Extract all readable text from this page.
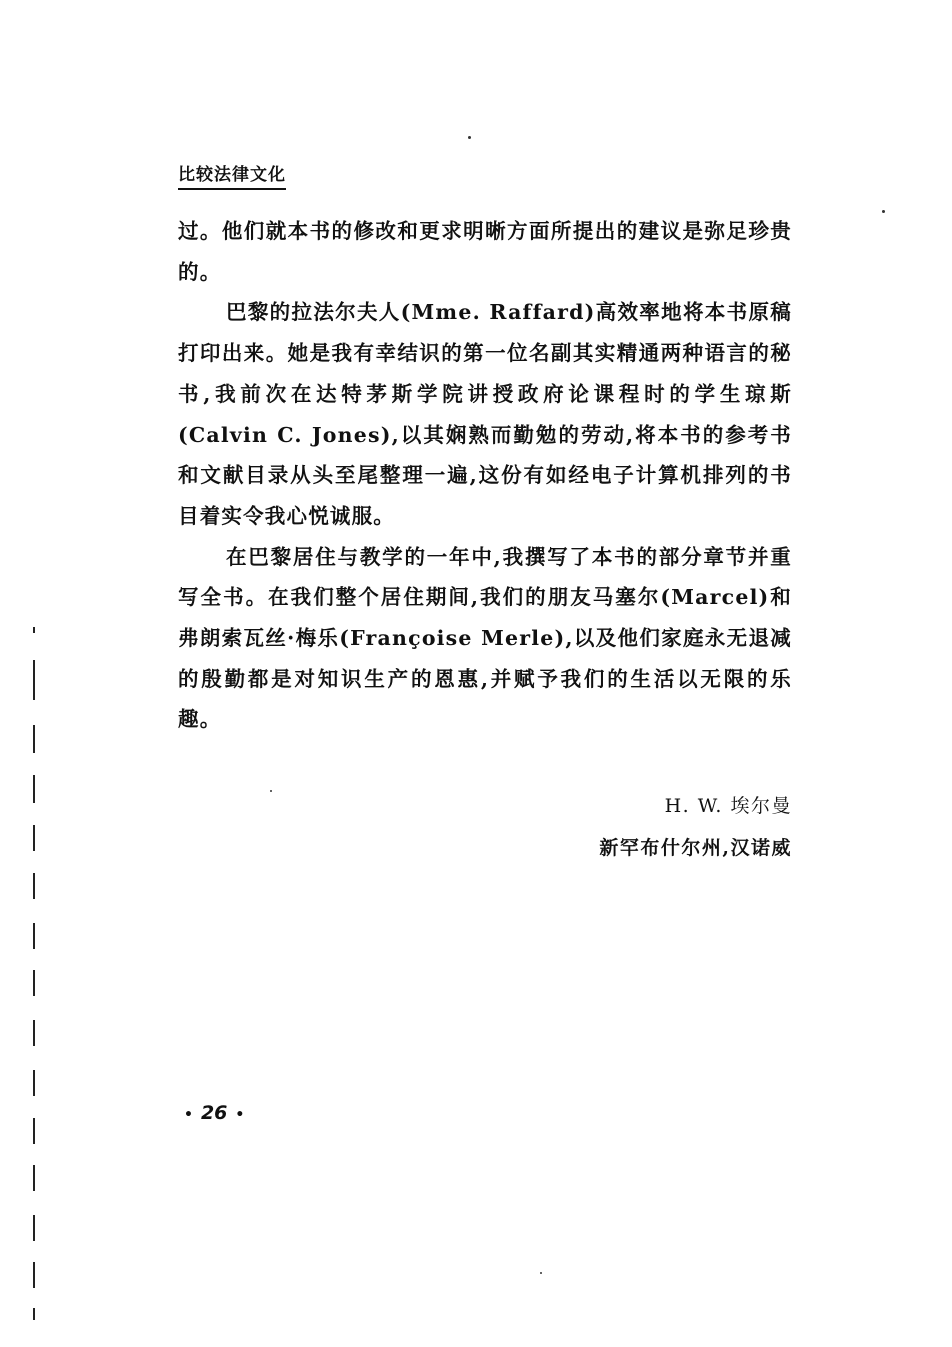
比较法律文化

过。他们就本书的修改和更求明晰方面所提出的建议是弥足珍贵的。

巴黎的拉法尔夫人(Mme. Raffard)高效率地将本书原稿打印出来。她是我有幸结识的第一位名副其实精通两种语言的秘书,我前次在达特茅斯学院讲授政府论课程时的学生琼斯(Calvin C. Jones),以其娴熟而勤勉的劳动,将本书的参考书和文献目录从头至尾整理一遍,这份有如经电子计算机排列的书目着实令我心悦诚服。

在巴黎居住与教学的一年中,我撰写了本书的部分章节并重写全书。在我们整个居住期间,我们的朋友马塞尔(Marcel)和弗朗索瓦丝·梅乐(Françoise Merle),以及他们家庭永无退减的殷勤都是对知识生产的恩惠,并赋予我们的生活以无限的乐趣。

H. W. 埃尔曼
新罕布什尔州,汉诺威
• 26 •
